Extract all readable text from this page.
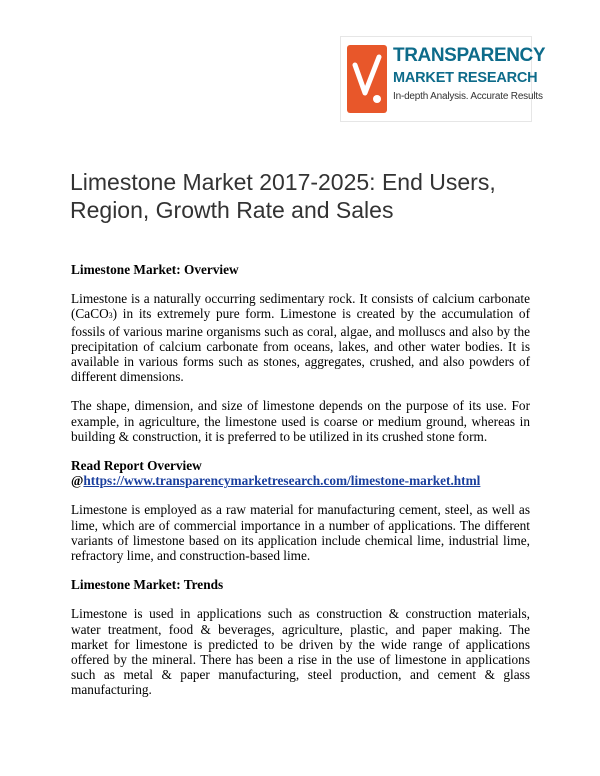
TRANSPARENCY
MARKET RESEARCH
In-depth Analysis. Accurate Results
Limestone Market 2017-2025: End Users, Region, Growth Rate and Sales
Limestone Market: Overview

Limestone is a naturally occurring sedimentary rock. It consists of calcium carbonate (CaCO3) in its extremely pure form. Limestone is created by the accumulation of fossils of various marine organisms such as coral, algae, and molluscs and also by the precipitation of calcium carbonate from oceans, lakes, and other water bodies. It is available in various forms such as stones, aggregates, crushed, and also powders of different dimensions.

The shape, dimension, and size of limestone depends on the purpose of its use. For example, in agriculture, the limestone used is coarse or medium ground, whereas in building & construction, it is preferred to be utilized in its crushed stone form.

Read Report Overview @https://www.transparencymarketresearch.com/limestone-market.html

Limestone is employed as a raw material for manufacturing cement, steel, as well as lime, which are of commercial importance in a number of applications. The different variants of limestone based on its application include chemical lime, industrial lime, refractory lime, and construction-based lime.

Limestone Market: Trends

Limestone is used in applications such as construction & construction materials, water treatment, food & beverages, agriculture, plastic, and paper making. The market for limestone is predicted to be driven by the wide range of applications offered by the mineral. There has been a rise in the use of limestone in applications such as metal & paper manufacturing, steel production, and cement & glass manufacturing.
